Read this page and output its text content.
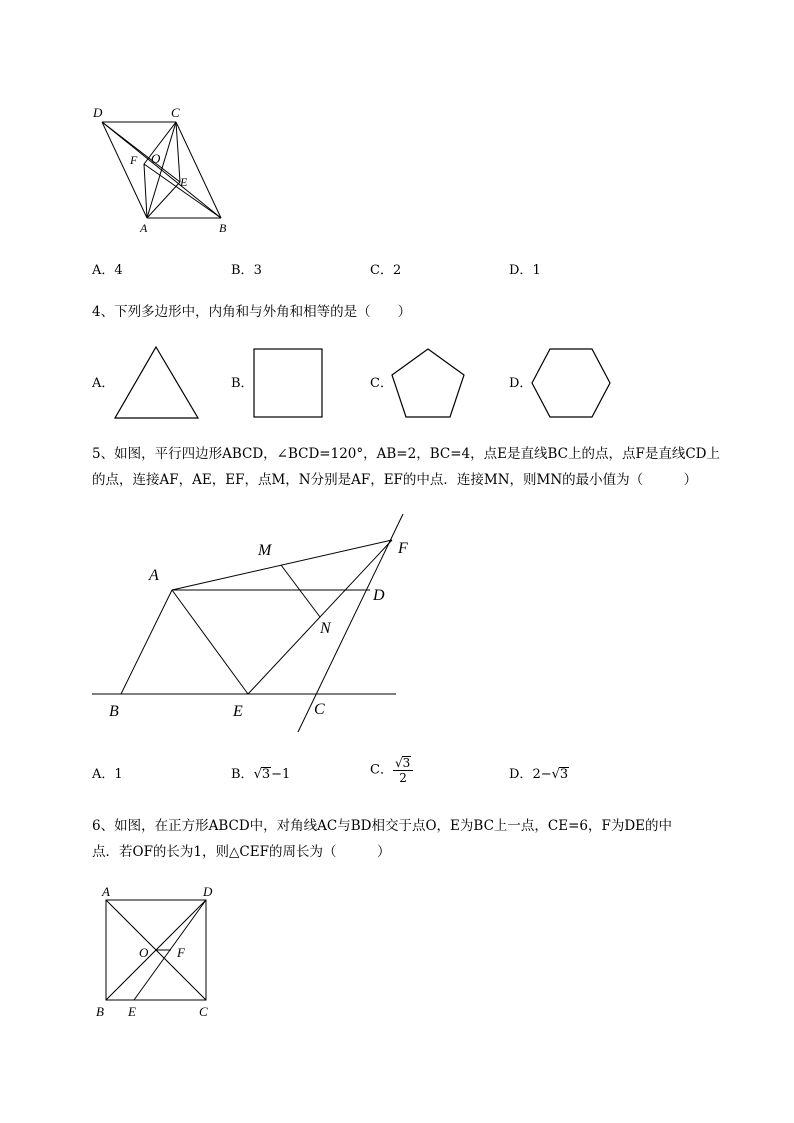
D	C
F O
E
A	B
A．4	B．3	C．2	D．1
4、下列多边形中，内角和与外角和相等的是（　　）
A．	B．	C．	D．
5、如图，平行四边形ABCD，∠BCD=120°，AB=2，BC=4，点E是直线BC上的点，点F是直线CD上
的点，连接AF，AE，EF，点M，N分别是AF，EF的中点．连接MN，则MN的最小值为（　　　）
A
M	F
D
N
B	E	C
A．1	B．√3−1	C． $\frac{√3}{2}$	D．2−√3
6、如图，在正方形ABCD中，对角线AC与BD相交于点O，E为BC上一点，CE=6，F为DE的中
点．若OF的长为1，则△CEF的周长为（　　　）
A	D
O F
B E	C
